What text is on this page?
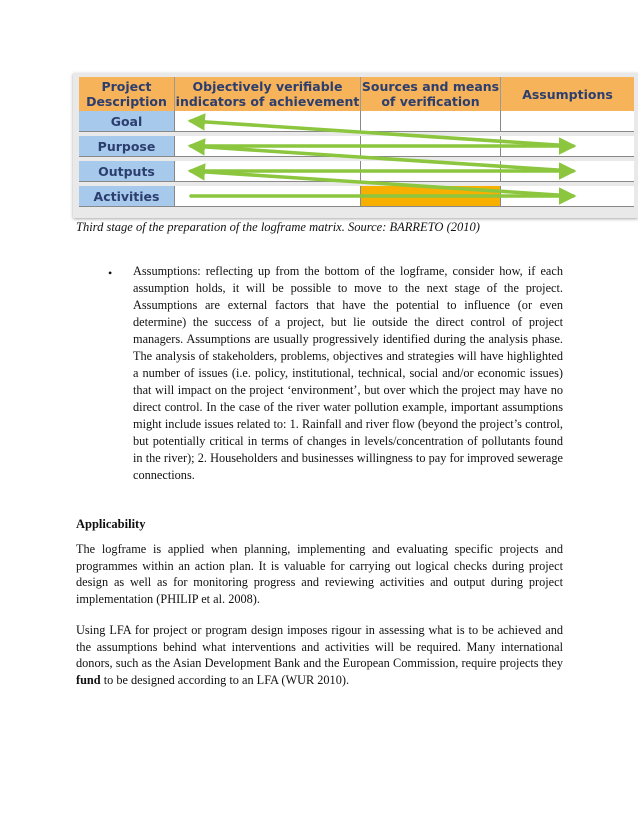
Project
Description
Objectively verifiable
indicators of achievement
Sources and means
of verification	Assumptions
Goal
Purpose
Outputs
Activities
Third stage of the preparation of the logframe matrix. Source: BARRETO (2010)
• Assumptions: reflecting up from the bottom of the logframe, consider how, if each assumption holds, it will be possible to move to the next stage of the project. Assumptions are external factors that have the potential to influence (or even determine) the success of a project, but lie outside the direct control of project managers. Assumptions are usually progressively identified during the analysis phase. The analysis of stakeholders, problems, objectives and strategies will have highlighted a number of issues (i.e. policy, institutional, technical, social and/or economic issues) that will impact on the project ‘environment’, but over which the project may have no direct control. In the case of the river water pollution example, important assumptions might include issues related to: 1. Rainfall and river flow (beyond the project’s control, but potentially critical in terms of changes in levels/concentration of pollutants found in the river); 2. Householders and businesses willingness to pay for improved sewerage connections.
Applicability

The logframe is applied when planning, implementing and evaluating specific projects and programmes within an action plan. It is valuable for carrying out logical checks during project design as well as for monitoring progress and reviewing activities and output during project implementation (PHILIP et al. 2008).

Using LFA for project or program design imposes rigour in assessing what is to be achieved and the assumptions behind what interventions and activities will be required. Many international donors, such as the Asian Development Bank and the European Commission, require projects they fund to be designed according to an LFA (WUR 2010).
